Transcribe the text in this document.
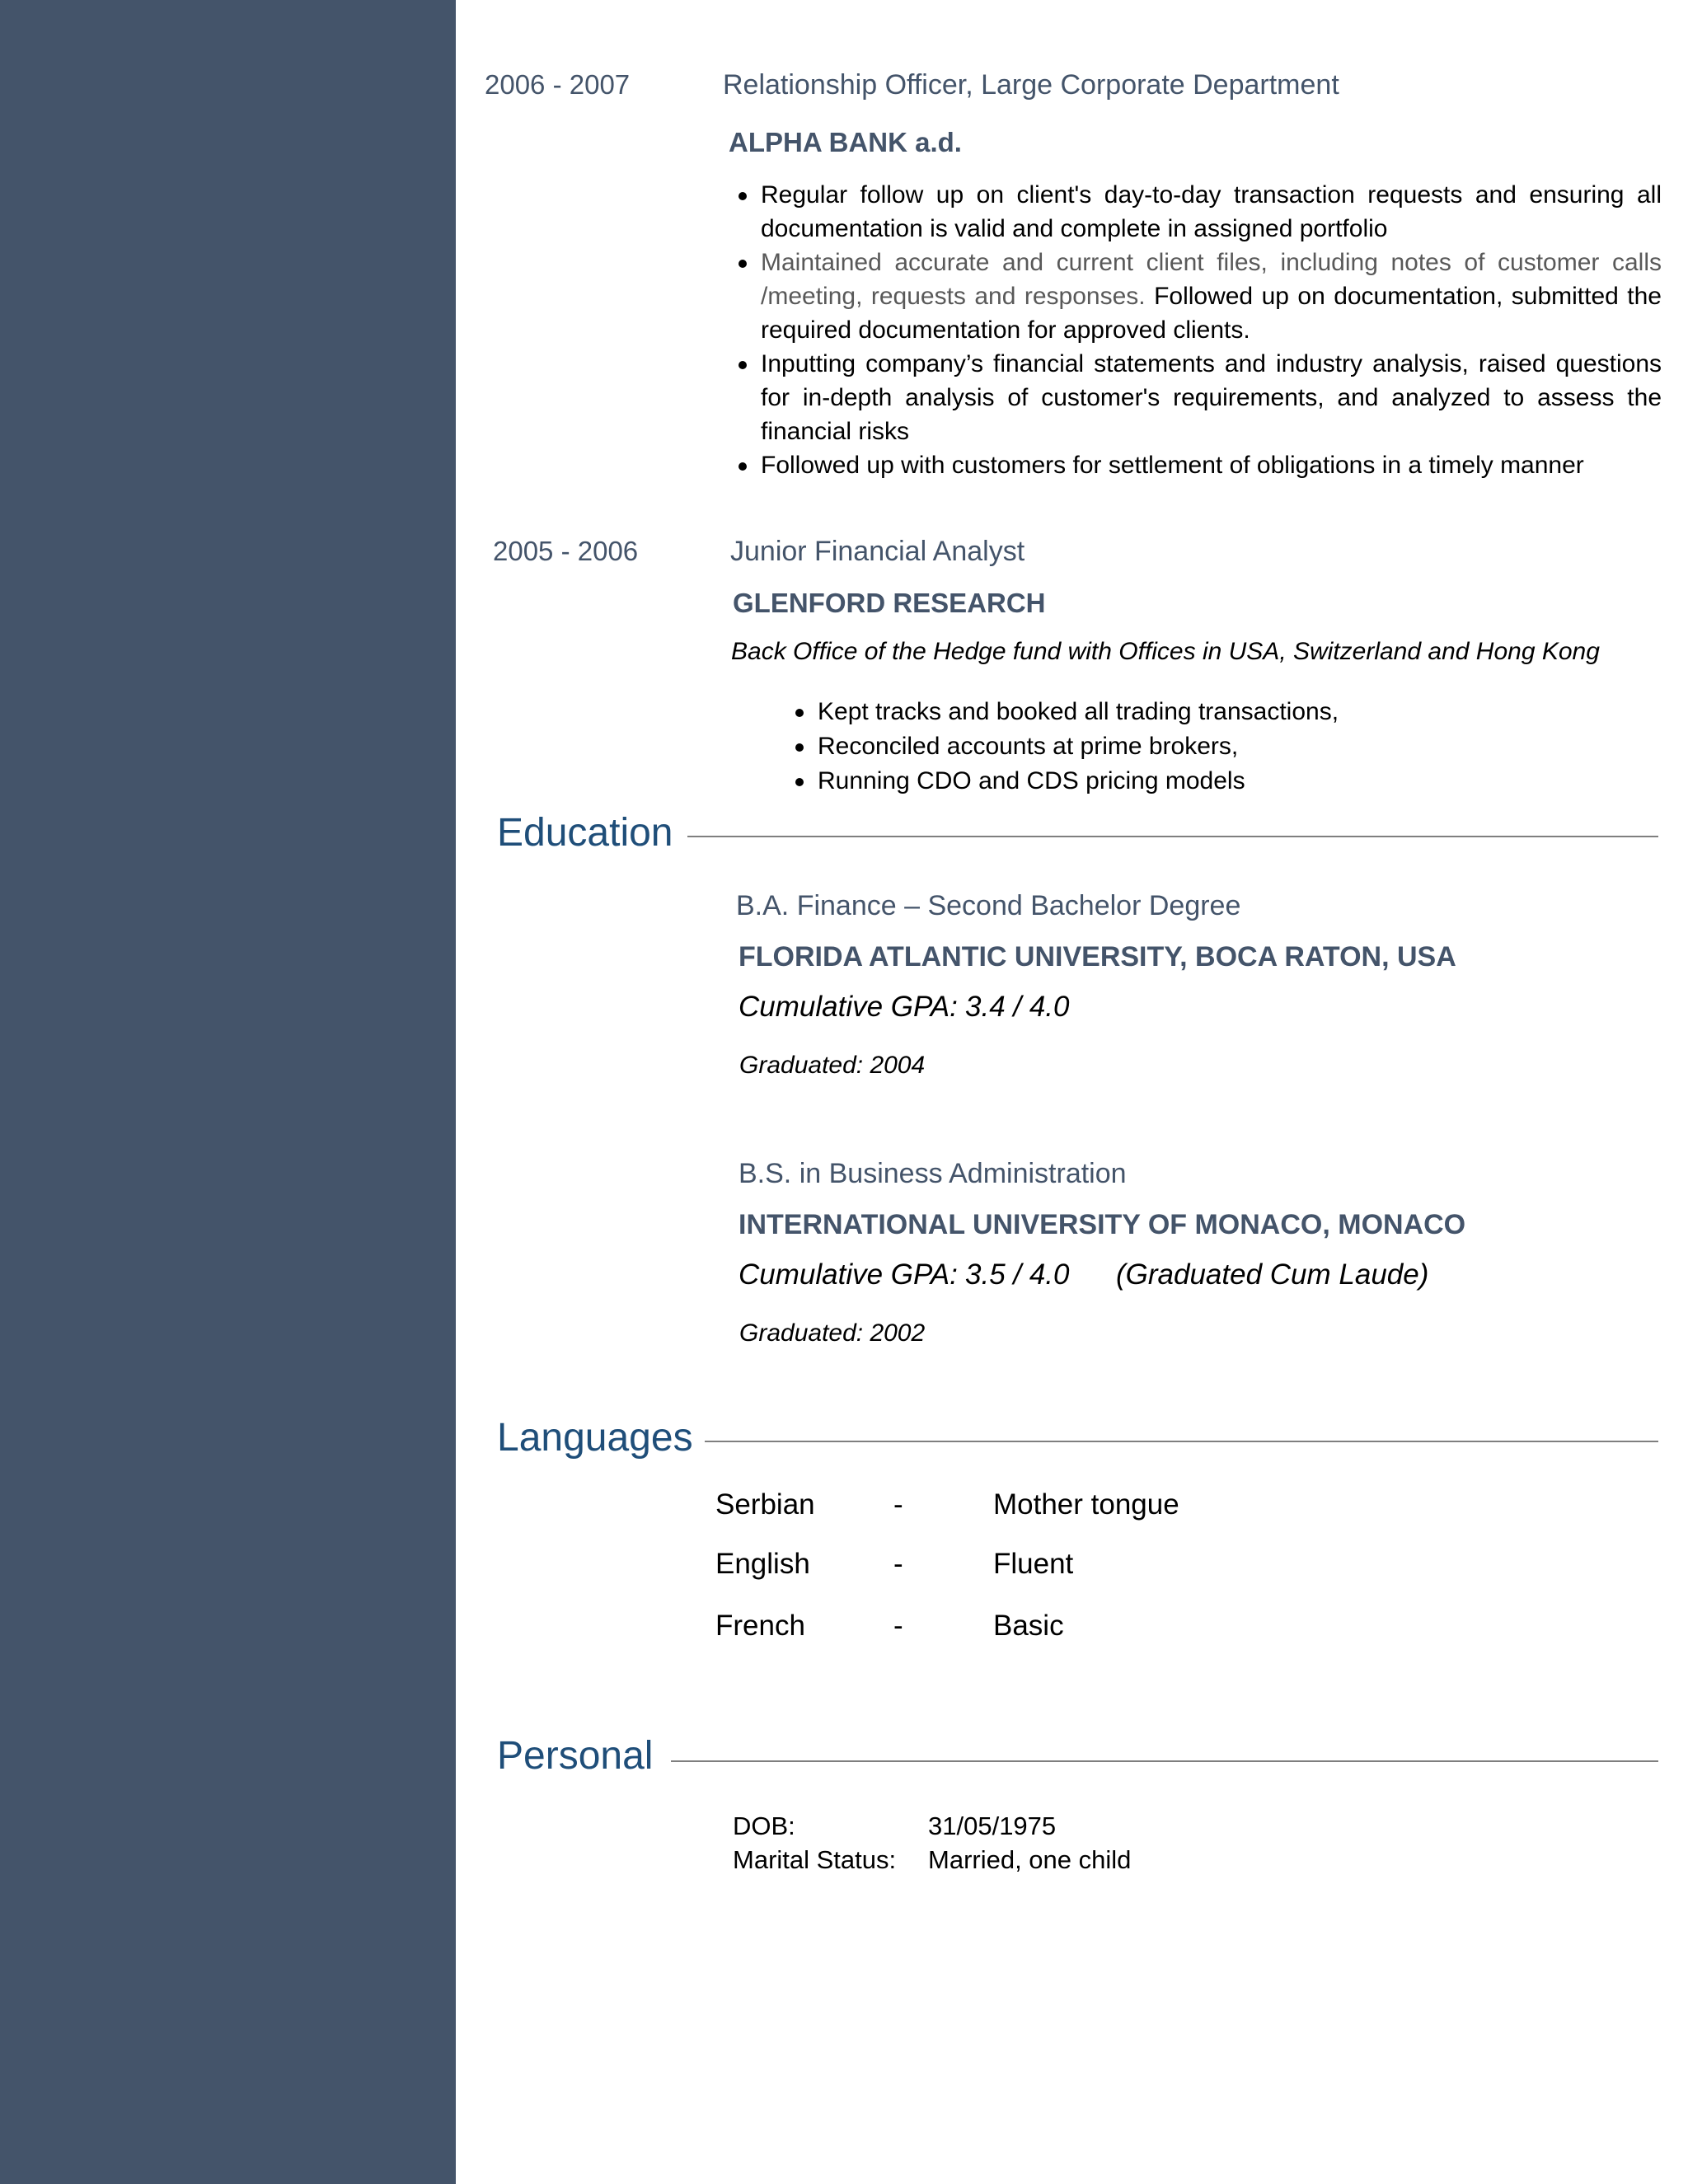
2006 - 2007	Relationship Officer, Large Corporate Department
ALPHA BANK a.d.
Regular follow up on client's day-to-day transaction requests and ensuring all documentation is valid and complete in assigned portfolio
Maintained accurate and current client files, including notes of customer calls /meeting, requests and responses. Followed up on documentation, submitted the required documentation for approved clients.
Inputting company’s financial statements and industry analysis, raised questions for in-depth analysis of customer's requirements, and analyzed to assess the financial risks
Followed up with customers for settlement of obligations in a timely manner
2005 - 2006	Junior Financial Analyst
GLENFORD RESEARCH
Back Office of the Hedge fund with Offices in USA, Switzerland and Hong Kong
Kept tracks and booked all trading transactions,
Reconciled accounts at prime brokers,
Running CDO and CDS pricing models
Education
B.A. Finance – Second Bachelor Degree
FLORIDA ATLANTIC UNIVERSITY, BOCA RATON, USA
Cumulative GPA: 3.4 / 4.0
Graduated: 2004
B.S. in Business Administration
INTERNATIONAL UNIVERSITY OF MONACO, MONACO
Cumulative GPA: 3.5 / 4.0 (Graduated Cum Laude)
Graduated: 2002
Languages
Serbian	-	Mother tongue
English	-	Fluent
French	-	Basic
Personal
DOB:	31/05/1975
Marital Status: Married, one child
